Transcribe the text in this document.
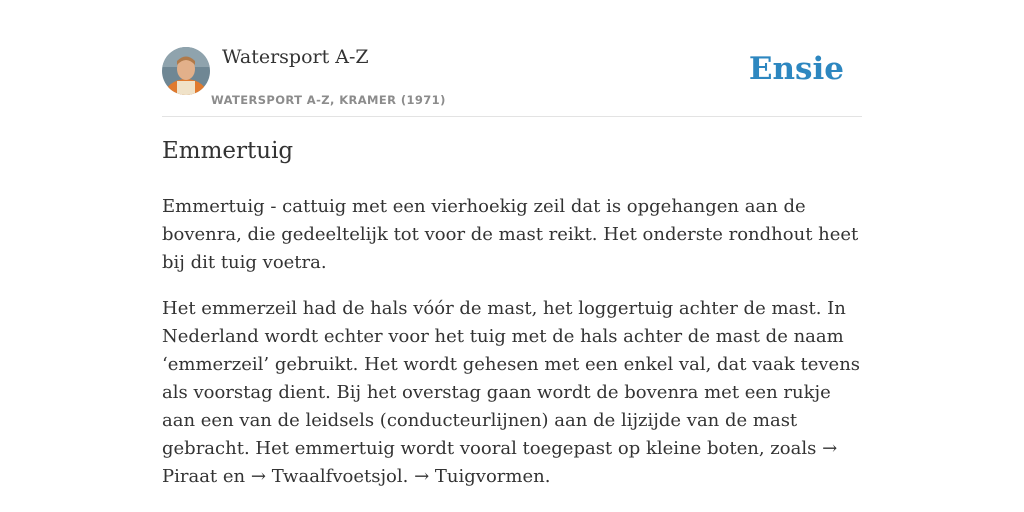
Watersport A-Z
WATERSPORT A-Z, KRAMER (1971)
Ensie
Emmertuig

Emmertuig - cattuig met een vierhoekig zeil dat is opgehangen aan de bovenra, die gedeeltelijk tot voor de mast reikt. Het onderste rondhout heet bij dit tuig voetra.

Het emmerzeil had de hals vóór de mast, het loggertuig achter de mast. In Nederland wordt echter voor het tuig met de hals achter de mast de naam ‘emmerzeil’ gebruikt. Het wordt gehesen met een enkel val, dat vaak tevens als voorstag dient. Bij het overstag gaan wordt de bovenra met een rukje aan een van de leidsels (conducteurlijnen) aan de lijzijde van de mast gebracht. Het emmertuig wordt vooral toegepast op kleine boten, zoals → Piraat en → Twaalfvoetsjol. → Tuigvormen.
